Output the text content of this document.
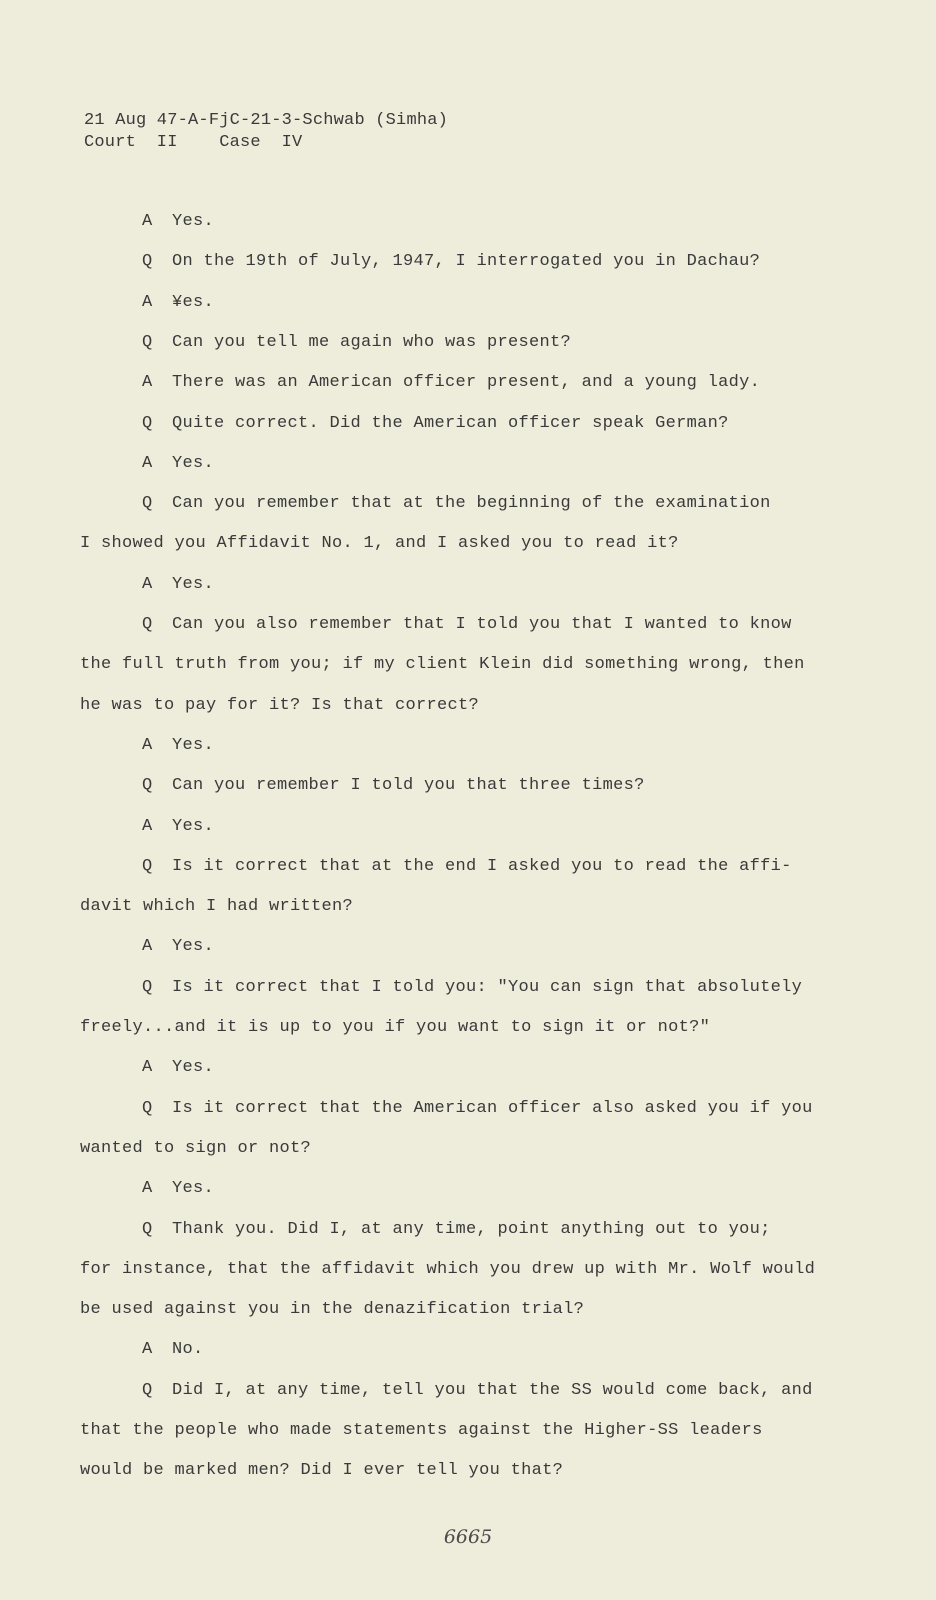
21 Aug 47-A-FjC-21-3-Schwab (Simha)
Court  II    Case  IV
A Yes.
Q On the 19th of July, 1947, I interrogated you in Dachau?
A ¥es.
Q Can you tell me again who was present?
A There was an American officer present, and a young lady.
Q Quite correct. Did the American officer speak German?
A Yes.
Q Can you remember that at the beginning of the examination
I showed you Affidavit No. 1, and I asked you to read it?
A Yes.
Q Can you also remember that I told you that I wanted to know
the full truth from you; if my client Klein did something wrong, then
he was to pay for it? Is that correct?
A Yes.
Q Can you remember I told you that three times?
A Yes.
Q Is it correct that at the end I asked you to read the affi-
davit which I had written?
A Yes.
Q Is it correct that I told you: "You can sign that absolutely
freely...and it is up to you if you want to sign it or not?"
A Yes.
Q Is it correct that the American officer also asked you if you
wanted to sign or not?
A Yes.
Q Thank you. Did I, at any time, point anything out to you;
for instance, that the affidavit which you drew up with Mr. Wolf would
be used against you in the denazification trial?
A No.
Q Did I, at any time, tell you that the SS would come back, and
that the people who made statements against the Higher-SS leaders
would be marked men? Did I ever tell you that?
6665
